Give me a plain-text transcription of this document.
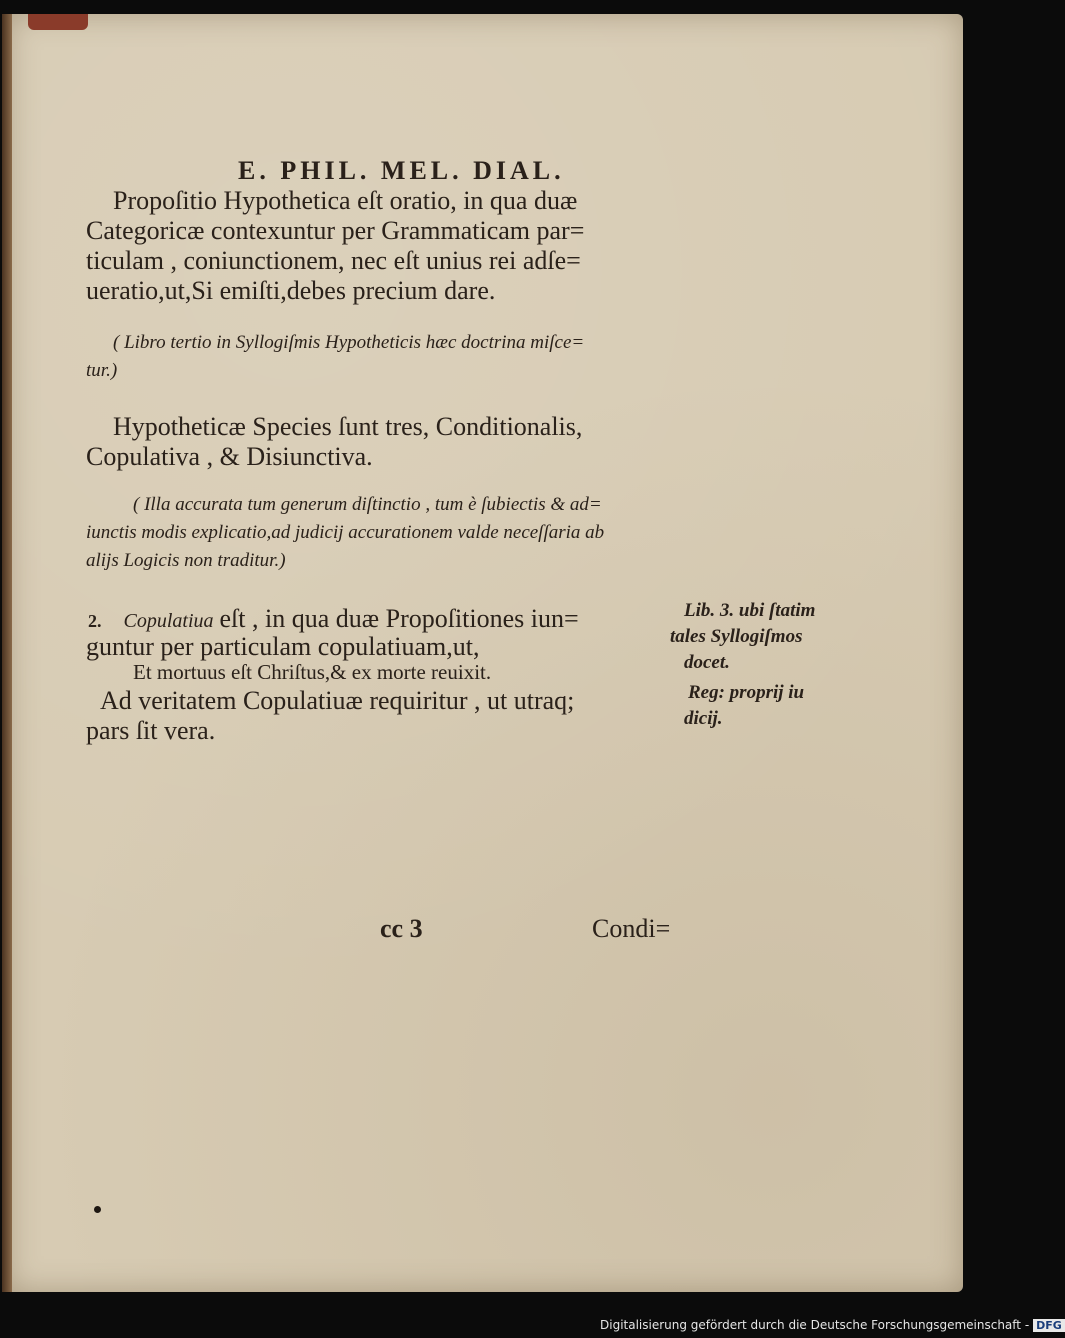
E. PHIL. MEL. DIAL.
Propoſitio Hypothetica eſt oratio, in qua duæ
Categoricæ contexuntur per Grammaticam par=
ticulam , coniunctionem, nec eſt unius rei adſe=
ueratio,ut,Si emiſti,debes precium dare.
( Libro tertio in Syllogiſmis Hypotheticis hæc doctrina miſce=
tur.)
Hypotheticæ Species ſunt tres, Conditionalis,
Copulativa , & Disiunctiva.
( Illa accurata tum generum diſtinctio , tum è ſubiectis & ad=
iunctis modis explicatio,ad judicij accurationem valde neceſſaria ab
alijs Logicis non traditur.)
2. Copulatiua eſt , in qua duæ Propoſitiones iun=
guntur per particulam copulatiuam,ut,
Et mortuus eſt Chriſtus,& ex morte reuixit.
Ad veritatem Copulatiuæ requiritur , ut utraq;
pars ſit vera.
Lib. 3. ubi ſtatim
tales Syllogiſmos
docet.
Reg: proprij iu
dicij.
cc 3	Condi=
Digitalisierung gefördert durch die Deutsche Forschungsgemeinschaft - DFG
